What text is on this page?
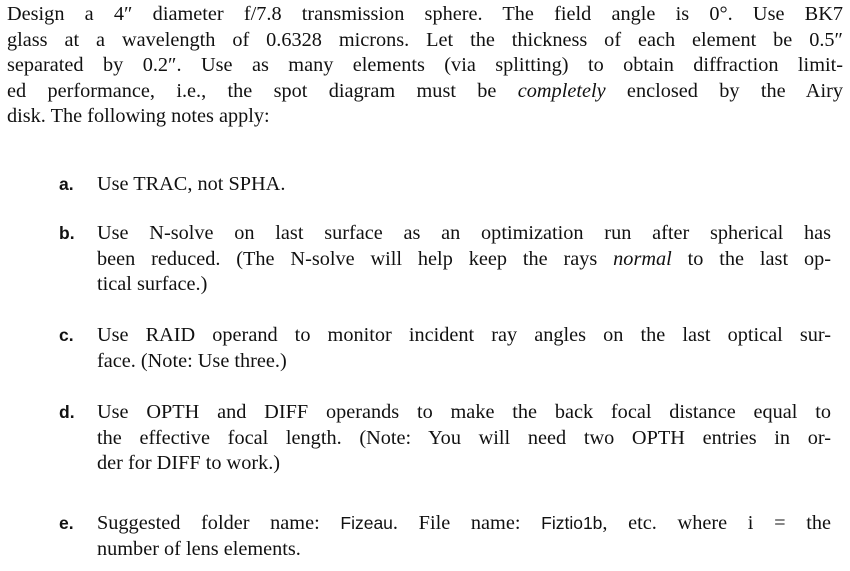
Design a 4″ diameter f/7.8 transmission sphere. The field angle is 0°. Use BK7
glass at a wavelength of 0.6328 microns. Let the thickness of each element be 0.5″
separated by 0.2″. Use as many elements (via splitting) to obtain diffraction limit-
ed performance, i.e., the spot diagram must be completely enclosed by the Airy
disk. The following notes apply:
a. Use TRAC, not SPHA.
b. Use N-solve on last surface as an optimization run after spherical has
been reduced. (The N-solve will help keep the rays normal to the last op-
tical surface.)
c. Use RAID operand to monitor incident ray angles on the last optical sur-
face. (Note: Use three.)
d. Use OPTH and DIFF operands to make the back focal distance equal to
the effective focal length. (Note: You will need two OPTH entries in or-
der for DIFF to work.)
e. Suggested folder name: Fizeau. File name: Fiztio1b, etc. where i = the
number of lens elements.
